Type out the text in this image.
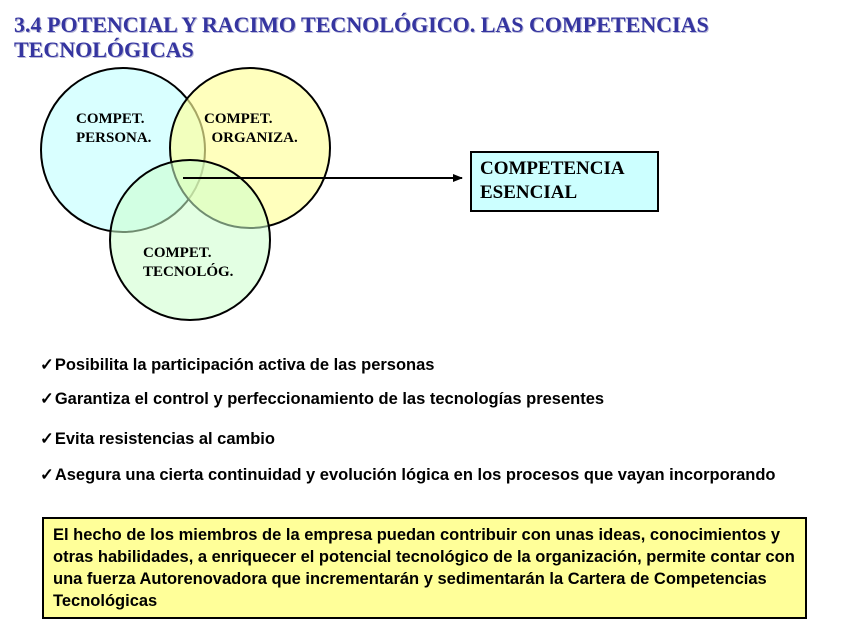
3.4 POTENCIAL Y RACIMO TECNOLÓGICO. LAS COMPETENCIAS TECNOLÓGICAS
COMPET.
PERSONA.
COMPET.
ORGANIZA.
COMPET.
TECNOLÓG.
COMPETENCIA
ESENCIAL
✓Posibilita la participación activa de las personas
✓Garantiza el control y perfeccionamiento de las tecnologías presentes
✓Evita resistencias al cambio
✓Asegura una cierta continuidad y evolución lógica en los procesos que vayan incorporando
El hecho de los miembros de la empresa puedan contribuir con unas ideas, conocimientos y otras habilidades, a enriquecer el potencial tecnológico de la organización, permite contar con una fuerza Autorenovadora que incrementarán y sedimentarán la Cartera de Competencias Tecnológicas
